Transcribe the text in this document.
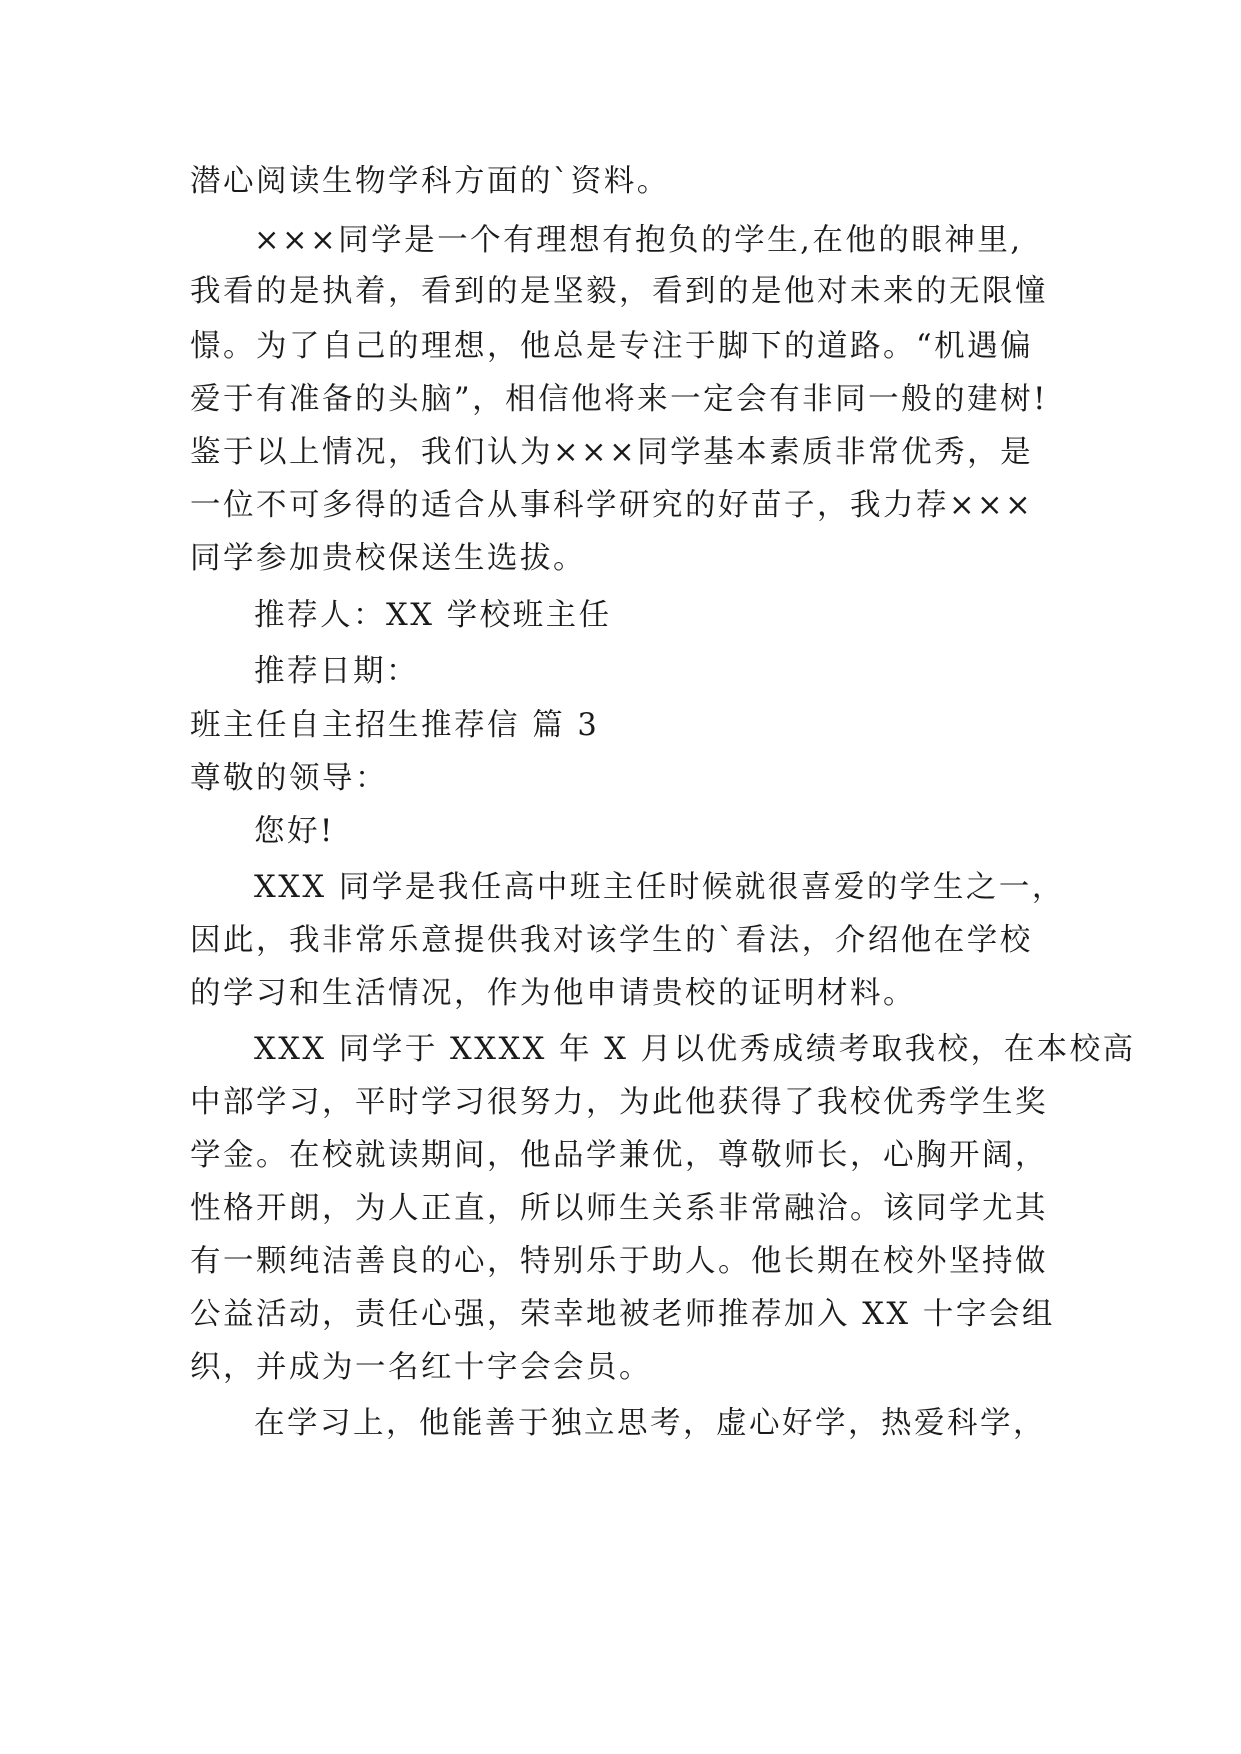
潜心阅读生物学科方面的`资料。
×××同学是一个有理想有抱负的学生,在他的眼神里,
我看的是执着，看到的是坚毅，看到的是他对未来的无限憧
憬。为了自己的理想，他总是专注于脚下的道路。“机遇偏
爱于有准备的头脑”，相信他将来一定会有非同一般的建树!
鉴于以上情况，我们认为×××同学基本素质非常优秀，是
一位不可多得的适合从事科学研究的好苗子，我力荐×××
同学参加贵校保送生选拔。
推荐人：XX 学校班主任
推荐日期：
班主任自主招生推荐信 篇 3
尊敬的领导：
您好!
XXX 同学是我任高中班主任时候就很喜爱的学生之一，
因此，我非常乐意提供我对该学生的`看法，介绍他在学校
的学习和生活情况，作为他申请贵校的证明材料。
XXX 同学于 XXXX 年 X 月以优秀成绩考取我校，在本校高
中部学习，平时学习很努力，为此他获得了我校优秀学生奖
学金。在校就读期间，他品学兼优，尊敬师长，心胸开阔，
性格开朗，为人正直，所以师生关系非常融洽。该同学尤其
有一颗纯洁善良的心，特别乐于助人。他长期在校外坚持做
公益活动，责任心强，荣幸地被老师推荐加入 XX 十字会组
织，并成为一名红十字会会员。
在学习上，他能善于独立思考，虚心好学，热爱科学，
